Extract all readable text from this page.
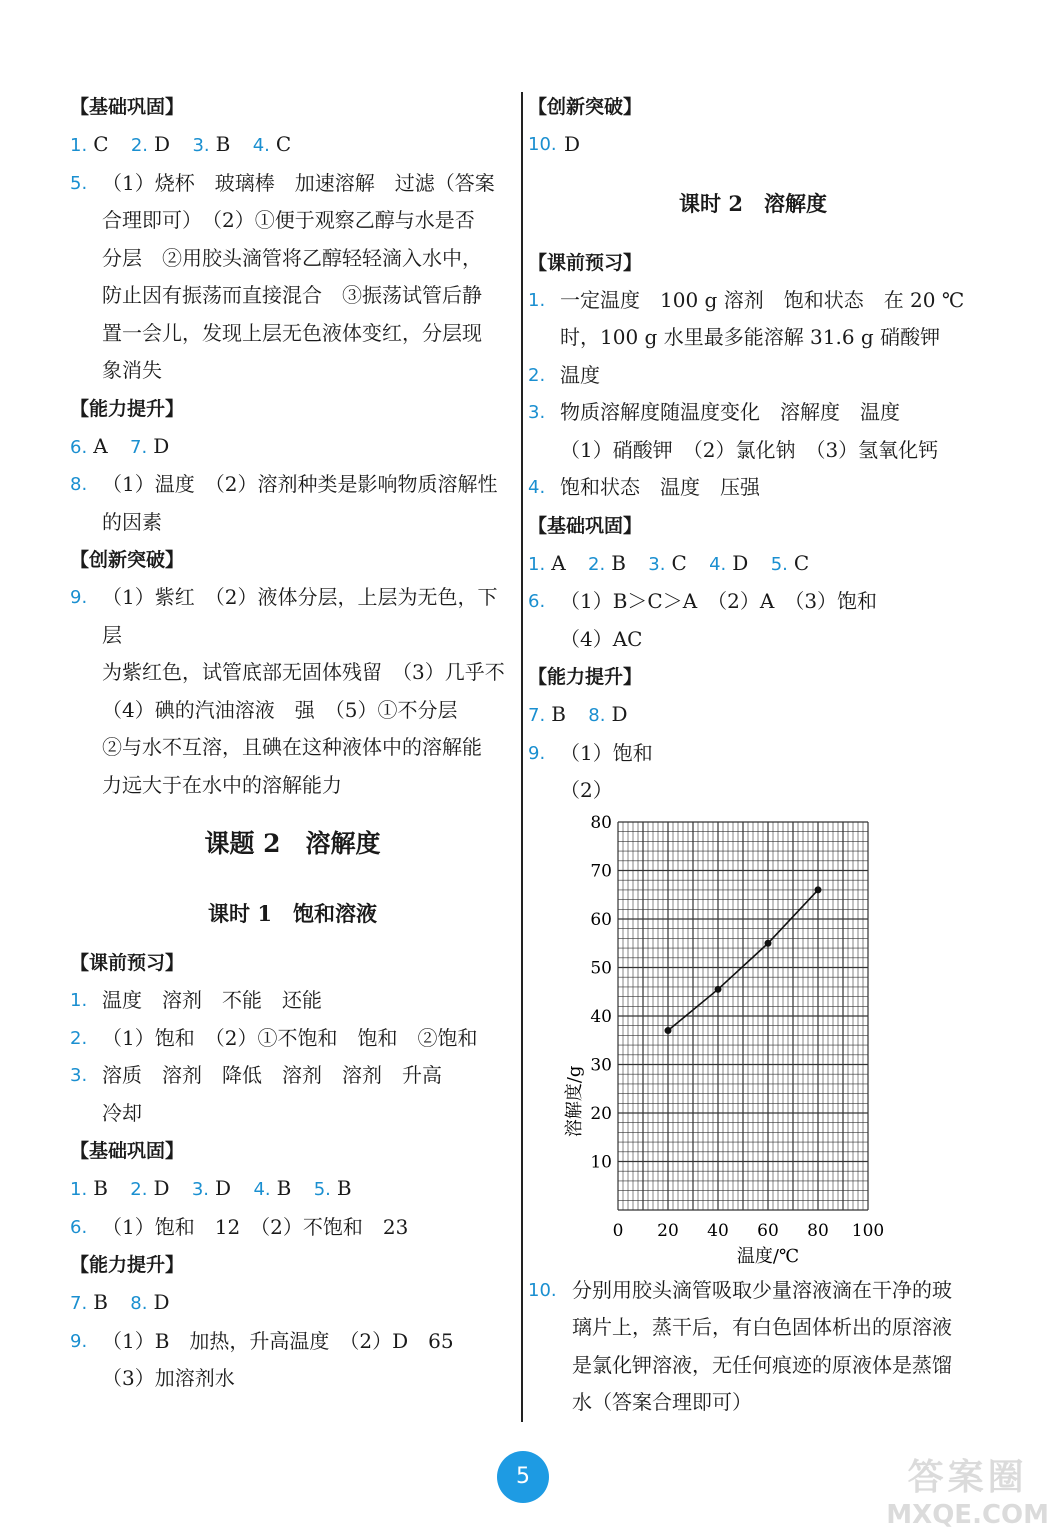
【基础巩固】
1. C 2. D 3. B 4. C
5. （1）烧杯　玻璃棒　加速溶解　过滤（答案
合理即可）　（2）①便于观察乙醇与水是否
分层　②用胶头滴管将乙醇轻轻滴入水中，
防止因有振荡而直接混合　③振荡试管后静
置一会儿，发现上层无色液体变红，分层现
象消失
【能力提升】
6. A 7. D
8. （1）温度　（2）溶剂种类是影响物质溶解性
的因素
【创新突破】
9. （1）紫红　（2）液体分层，上层为无色，下层
为紫红色，试管底部无固体残留　（3）几乎不
（4）碘的汽油溶液　强　（5）①不分层
②与水不互溶，且碘在这种液体中的溶解能
力远大于在水中的溶解能力
课题 2　溶解度
课时 1　饱和溶液
【课前预习】
1. 温度　溶剂　不能　还能
2. （1）饱和　（2）①不饱和　饱和　②饱和
3. 溶质　溶剂　降低　溶剂　溶剂　升高
冷却
【基础巩固】
1. B 2. D 3. D 4. B 5. B
6. （1）饱和　12　（2）不饱和　23
【能力提升】
7. B 8. D
9. （1）B　加热，升高温度　（2）D　65
（3）加溶剂水
【创新突破】
10. D
课时 2　溶解度
【课前预习】
1. 一定温度　100 g 溶剂　饱和状态　在 20 ℃
时，100 g 水里最多能溶解 31.6 g 硝酸钾
2. 温度
3. 物质溶解度随温度变化　溶解度　温度
（1）硝酸钾　（2）氯化钠　（3）氢氧化钙
4. 饱和状态　温度　压强
【基础巩固】
1. A 2. B 3. C 4. D 5. C
6. （1）B＞C＞A　（2）A　（3）饱和
（4）AC
【能力提升】
7. B 8. D
9. （1）饱和
（2）
10
20
30
40
50
60
70
80
0 20 40 60 80 100
溶解度/g
温度/℃
10. 分别用胶头滴管吸取少量溶液滴在干净的玻
璃片上，蒸干后，有白色固体析出的原溶液
是氯化钾溶液，无任何痕迹的原液体是蒸馏
水（答案合理即可）
5	答案圈
MXQE.COM
